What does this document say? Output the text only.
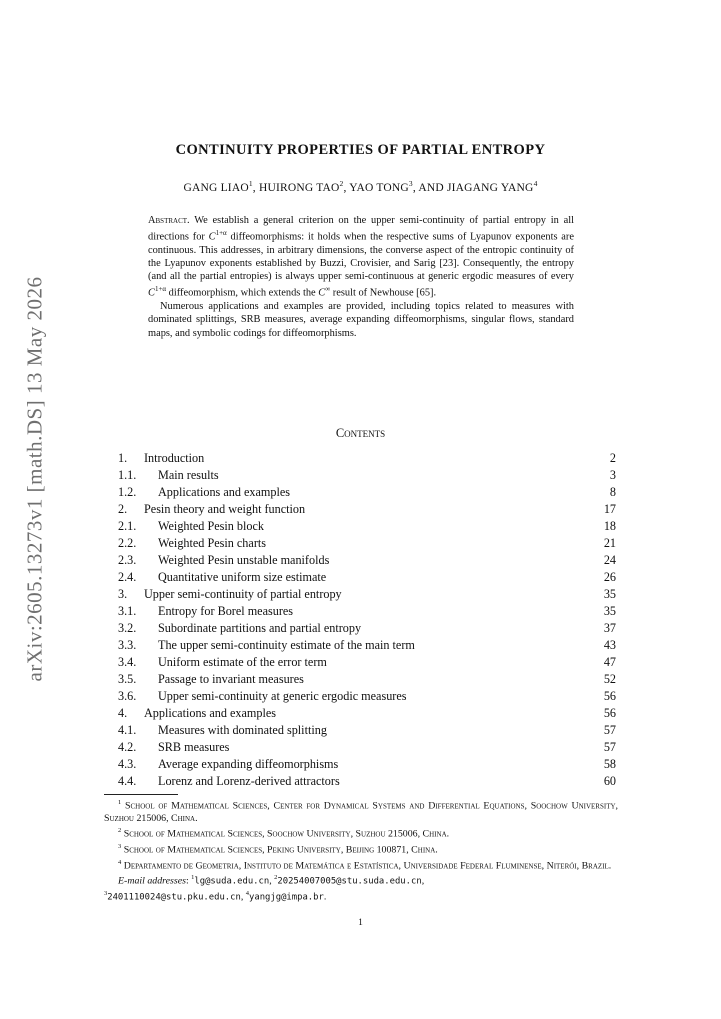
arXiv:2605.13273v1 [math.DS] 13 May 2026
CONTINUITY PROPERTIES OF PARTIAL ENTROPY
GANG LIAO$^1$, HUIRONG TAO$^2$, YAO TONG$^3$, AND JIAGANG YANG$^4$

Abstract. We establish a general criterion on the upper semi-continuity of partial entropy in all directions for $C^{1+\alpha}$ diffeomorphisms: it holds when the respective sums of Lyapunov exponents are continuous. This addresses, in arbitrary dimensions, the converse aspect of the entropic continuity of the Lyapunov exponents established by Buzzi, Crovisier, and Sarig [23]. Consequently, the entropy (and all the partial entropies) is always upper semi-continuous at generic ergodic measures of every $C^{1+\alpha}$ diffeomorphism, which extends the C∞ result of Newhouse [65].

Numerous applications and examples are provided, including topics related to measures with dominated splittings, SRB measures, average expanding diffeomorphisms, singular flows, standard maps, and symbolic codings for diffeomorphisms.

Contents
1.	Introduction	2
1.1.	Main results	3
1.2.	Applications and examples	8
2.	Pesin theory and weight function	17
2.1.	Weighted Pesin block	18
2.2.	Weighted Pesin charts	21
2.3.	Weighted Pesin unstable manifolds	24
2.4.	Quantitative uniform size estimate	26
3.	Upper semi-continuity of partial entropy	35
3.1.	Entropy for Borel measures	35
3.2.	Subordinate partitions and partial entropy	37
3.3.	The upper semi-continuity estimate of the main term	43
3.4.	Uniform estimate of the error term	47
3.5.	Passage to invariant measures	52
3.6.	Upper semi-continuity at generic ergodic measures	56
4.	Applications and examples	56
4.1.	Measures with dominated splitting	57
4.2.	SRB measures	57
4.3.	Average expanding diffeomorphisms	58
4.4.	Lorenz and Lorenz-derived attractors	60

$^1$ School of Mathematical Sciences, Center for Dynamical Systems and Differential Equations, Soochow University, Suzhou 215006, China.

$^2$ School of Mathematical Sciences, Soochow University, Suzhou 215006, China.

$^3$ School of Mathematical Sciences, Peking University, Beijing 100871, China.

$^4$ Departamento de Geometria, Instituto de Matemática e Estatística, Universidade Federal Fluminense, Niterói, Brazil.

E-mail addresses: $^1$lg@suda.edu.cn, $^2$20254007005@stu.suda.edu.cn,
$^3$2401110024@stu.pku.edu.cn, $^4$yangjg@impa.br.

1
